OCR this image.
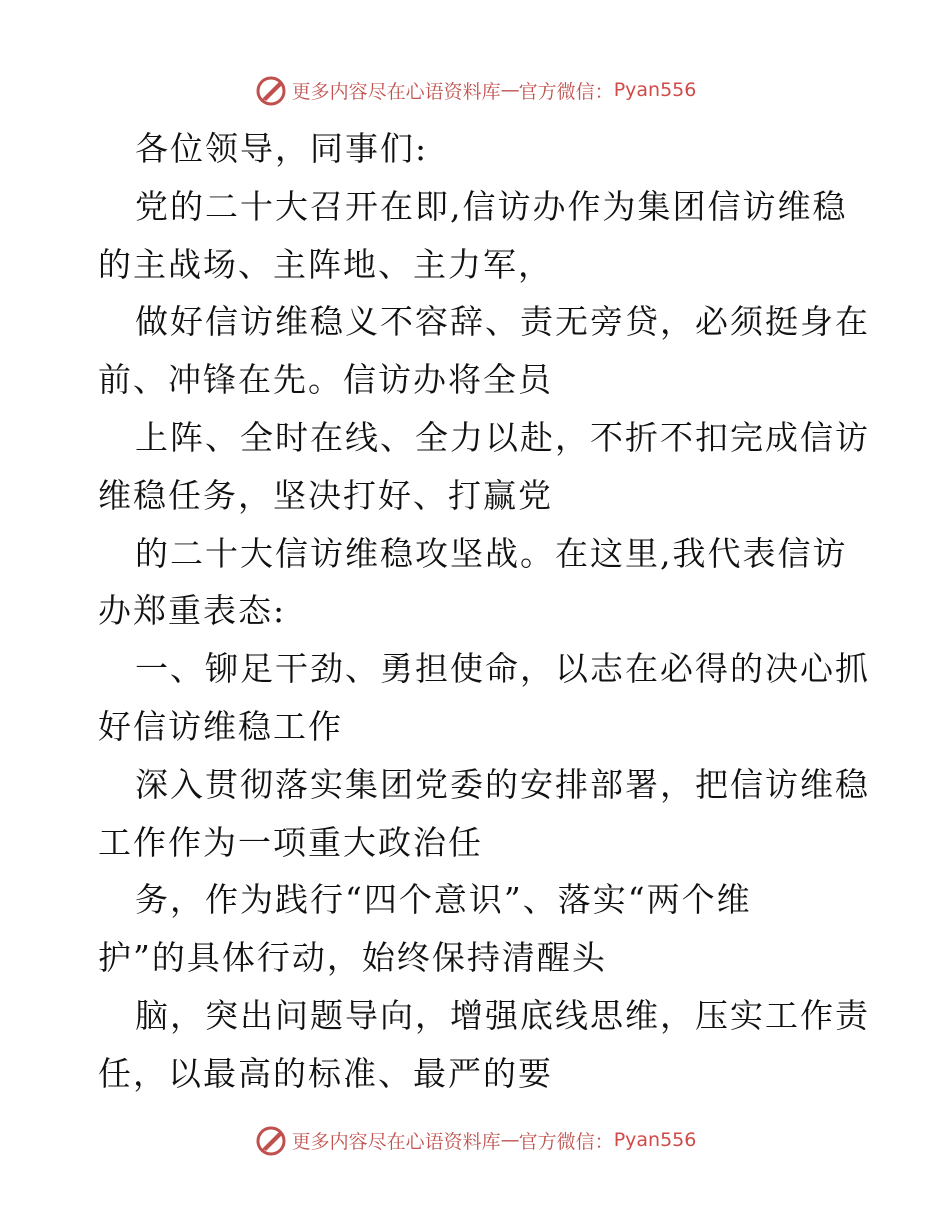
更多内容尽在心语资料库 — 官方微信： Pyan556
各位领导，同事们:
党的二十大召开在即,信访办作为集团信访维稳
的主战场、主阵地、主力军，
做好信访维稳义不容辞、责无旁贷，必须挺身在
前、冲锋在先。信访办将全员
上阵、全时在线、全力以赴，不折不扣完成信访
维稳任务，坚决打好、打赢党
的二十大信访维稳攻坚战。在这里,我代表信访
办郑重表态:
一、铆足干劲、勇担使命，以志在必得的决心抓
好信访维稳工作
深入贯彻落实集团党委的安排部署，把信访维稳
工作作为一项重大政治任
务，作为践行“四个意识”、落实“两个维
护”的具体行动，始终保持清醒头
脑，突出问题导向，增强底线思维，压实工作责
任，以最高的标准、最严的要
更多内容尽在心语资料库 — 官方微信： Pyan556
